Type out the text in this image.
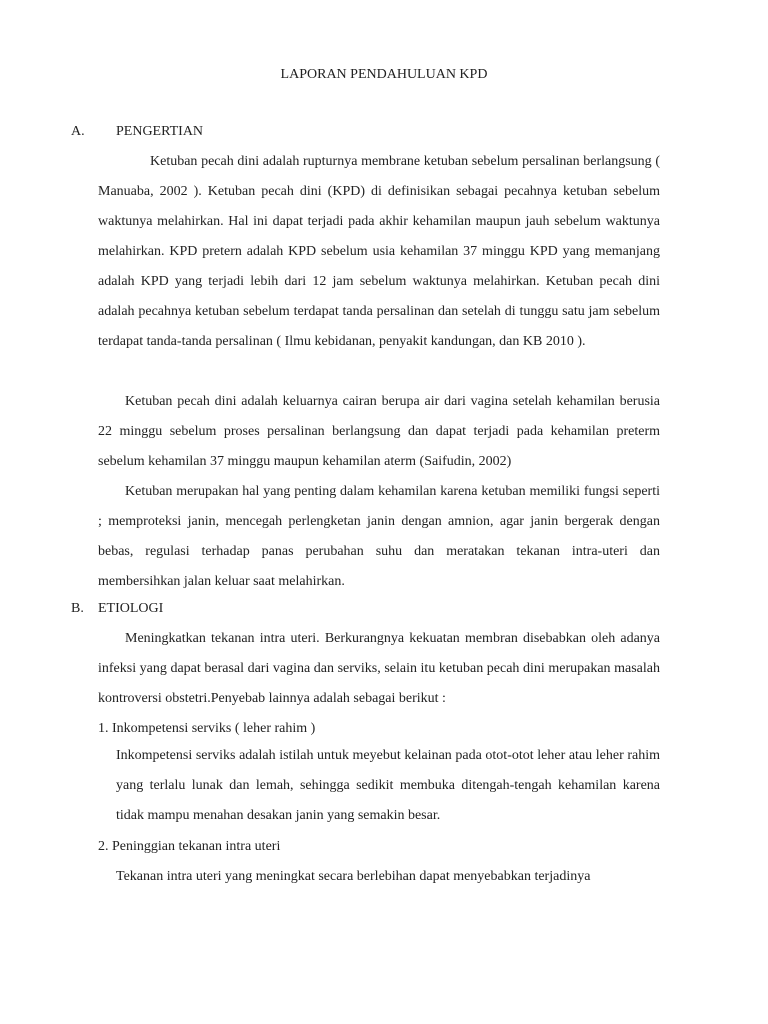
LAPORAN PENDAHULUAN KPD
A. PENGERTIAN

Ketuban pecah dini adalah rupturnya membrane ketuban sebelum persalinan berlangsung ( Manuaba, 2002 ). Ketuban pecah dini (KPD) di definisikan sebagai pecahnya ketuban sebelum waktunya melahirkan. Hal ini dapat terjadi pada akhir kehamilan maupun jauh sebelum waktunya melahirkan. KPD pretern adalah KPD sebelum usia kehamilan 37 minggu KPD yang memanjang adalah KPD yang terjadi lebih dari 12 jam sebelum waktunya melahirkan. Ketuban pecah dini adalah pecahnya ketuban sebelum terdapat tanda persalinan dan setelah di tunggu satu jam sebelum terdapat tanda-tanda persalinan ( Ilmu kebidanan, penyakit kandungan, dan KB 2010 ).

Ketuban pecah dini adalah keluarnya cairan berupa air dari vagina setelah kehamilan berusia 22 minggu sebelum proses persalinan berlangsung dan dapat terjadi pada kehamilan preterm sebelum kehamilan 37 minggu maupun kehamilan aterm (Saifudin, 2002)

Ketuban merupakan hal yang penting dalam kehamilan karena ketuban memiliki fungsi seperti ; memproteksi janin, mencegah perlengketan janin dengan amnion, agar janin bergerak dengan bebas, regulasi terhadap panas perubahan suhu dan meratakan tekanan intra-uteri dan membersihkan jalan keluar saat melahirkan.

B. ETIOLOGI

Meningkatkan tekanan intra uteri. Berkurangnya kekuatan membran disebabkan oleh adanya infeksi yang dapat berasal dari vagina dan serviks, selain itu ketuban pecah dini merupakan masalah kontroversi obstetri.Penyebab lainnya adalah sebagai berikut :

1. Inkompetensi serviks ( leher rahim )

Inkompetensi serviks adalah istilah untuk meyebut kelainan pada otot-otot leher atau leher rahim yang terlalu lunak dan lemah, sehingga sedikit membuka ditengah-tengah kehamilan karena tidak mampu menahan desakan janin yang semakin besar.

2. Peninggian tekanan intra uteri

Tekanan intra uteri yang meningkat secara berlebihan dapat menyebabkan terjadinya
